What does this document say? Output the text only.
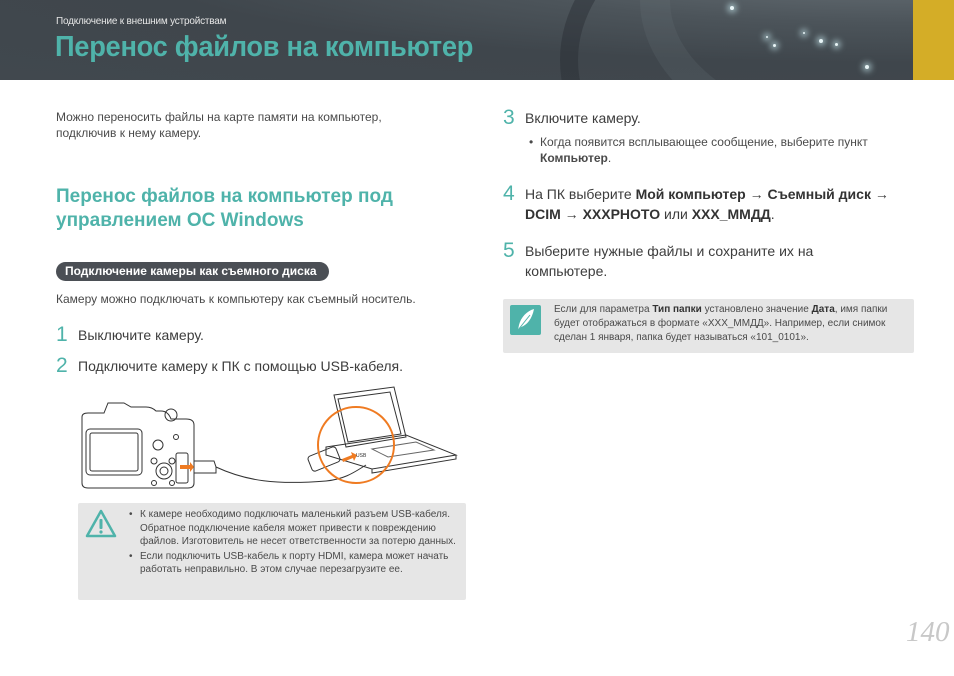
Подключение к внешним устройствам
Перенос файлов на компьютер

Можно переносить файлы на карте памяти на компьютер, подключив к нему камеру.

Перенос файлов на компьютер под управлением ОС Windows
Подключение камеры как съемного диска

Камеру можно подключать к компьютеру как съемный носитель.

1 Выключите камеру.
2 Подключите камеру к ПК с помощью USB-кабеля.
USB
• К камере необходимо подключать маленький разъем USB-кабеля. Обратное подключение кабеля может привести к повреждению файлов. Изготовитель не несет ответственности за потерю данных.
• Если подключить USB-кабель к порту HDMI, камера может начать работать неправильно. В этом случае перезагрузите ее.
3 Включите камеру.

• Когда появится всплывающее сообщение, выберите пункт Компьютер.

4 На ПК выберите Мой компьютер → Съемный диск → DCIM → XXXPHOTO или XXX_ММДД.
5 Выберите нужные файлы и сохраните их на компьютере.

Если для параметра Тип папки установлено значение Дата, имя папки будет отображаться в формате «XXX_ММДД». Например, если снимок сделан 1 января, папка будет называться «101_0101».

140
